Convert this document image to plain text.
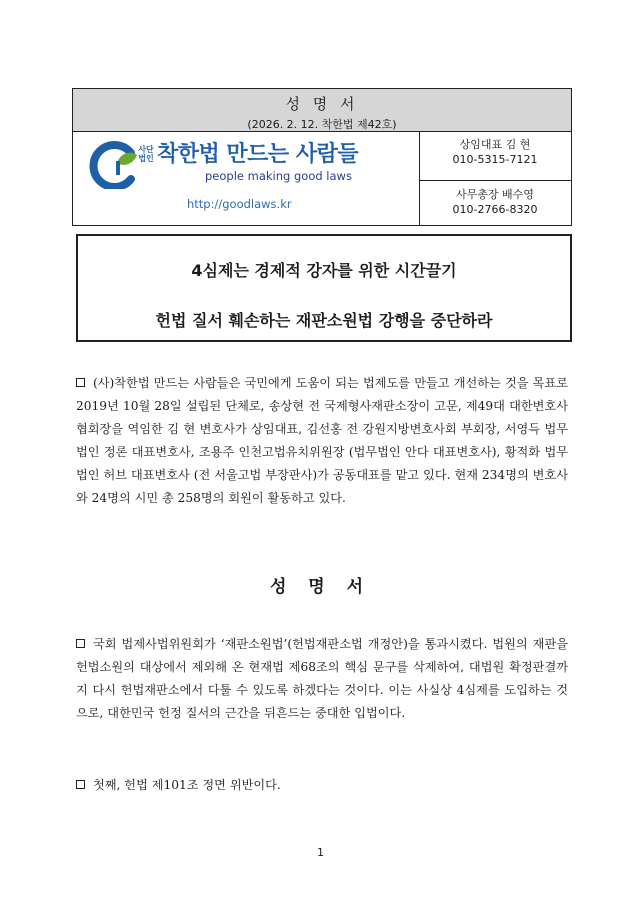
성 명 서
(2026. 2. 12. 착한법 제42호)
사단법인 착한법 만드는 사람들
people making good laws
http://goodlaws.kr
상임대표 김 현
010-5315-7121
사무총장 배수영
010-2766-8320
4심제는 경제적 강자를 위한 시간끌기
헌법 질서 훼손하는 재판소원법 강행을 중단하라
(사)착한법 만드는 사람들은 국민에게 도움이 되는 법제도를 만들고 개선하는 것을 목표로 2019년 10월 28일 설립된 단체로, 송상현 전 국제형사재판소장이 고문, 제49대 대한변호사협회장을 역임한 김 현 변호사가 상임대표, 김선홍 전 강원지방변호사회 부회장, 서영득 법무법인 정론 대표변호사, 조용주 인천고법유치위원장 (법무법인 안다 대표변호사), 황적화 법무법인 허브 대표변호사 (전 서울고법 부장판사)가 공동대표를 맡고 있다. 현재 234명의 변호사와 24명의 시민 총 258명의 회원이 활동하고 있다.
성 명 서
국회 법제사법위원회가 ‘재판소원법’(헌법재판소법 개정안)을 통과시켰다. 법원의 재판을 헌법소원의 대상에서 제외해 온 현재법 제68조의 핵심 문구를 삭제하여, 대법원 확정판결까지 다시 헌법재판소에서 다툴 수 있도록 하겠다는 것이다. 이는 사실상 4심제를 도입하는 것으로, 대한민국 헌정 질서의 근간을 뒤흔드는 중대한 입법이다.
첫째, 헌법 제101조 정면 위반이다.
1
